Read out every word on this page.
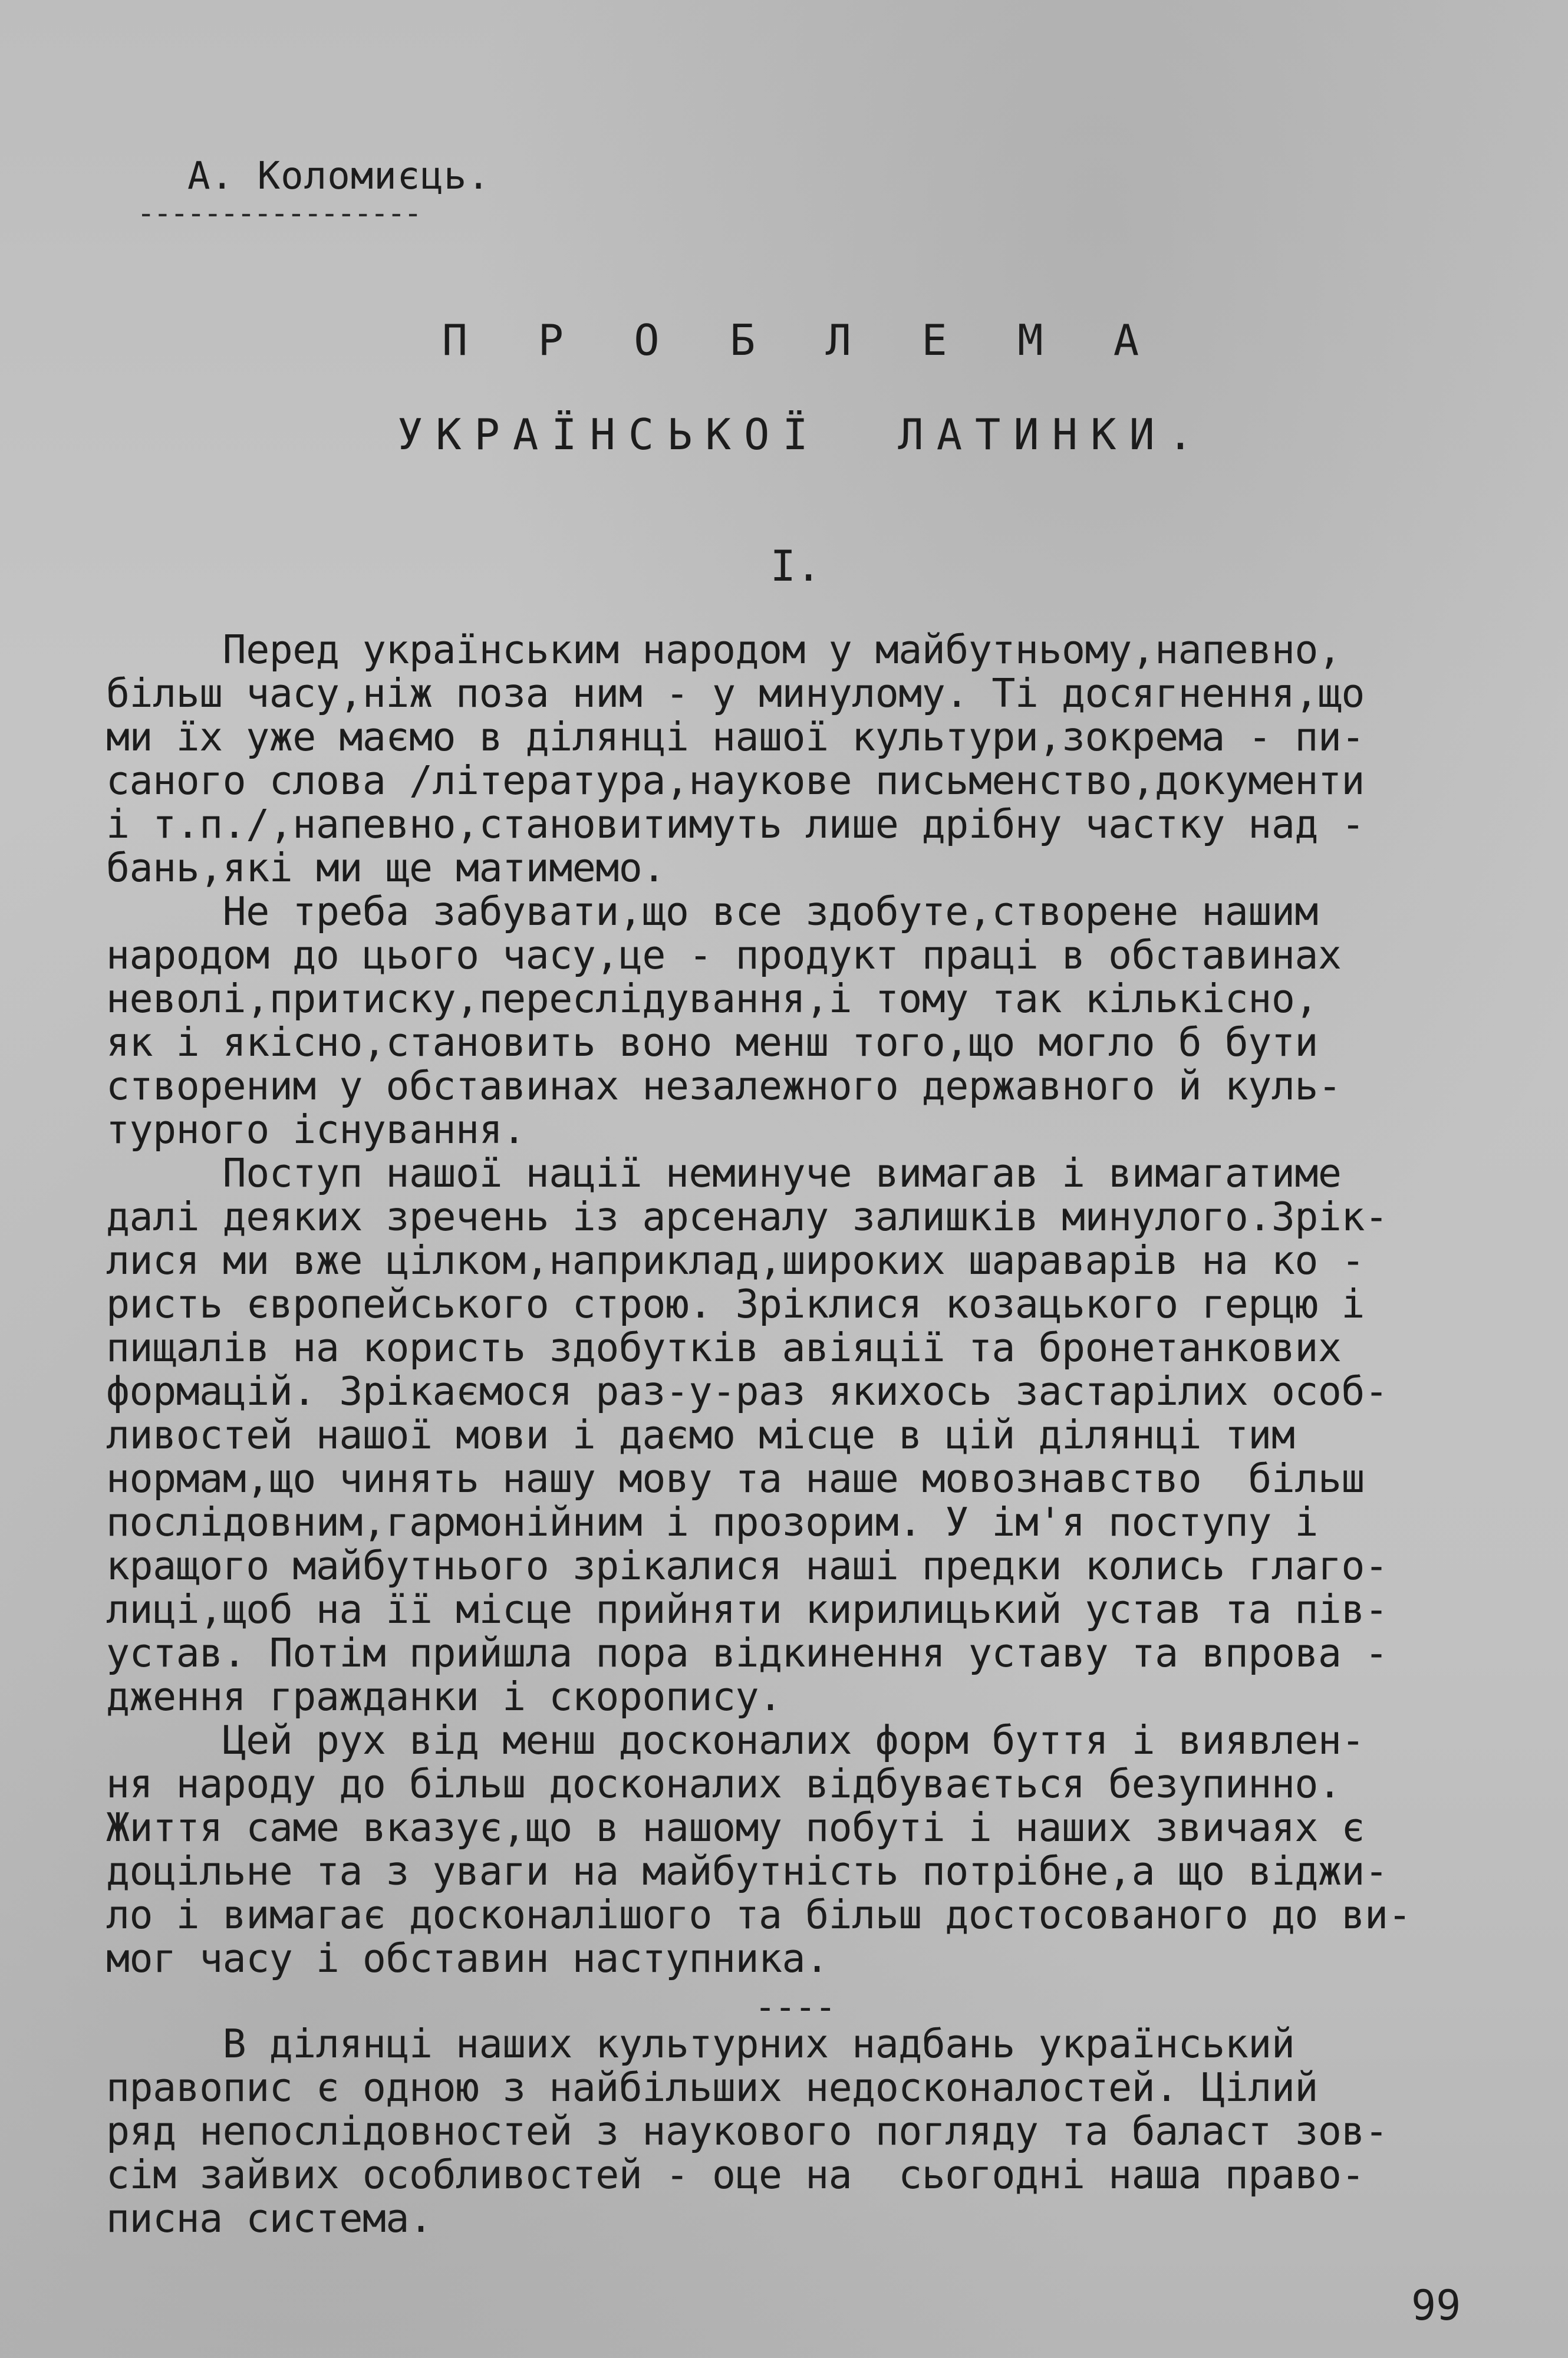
А. Коломиєць.
-----------------
П Р О Б Л Е М А
УКРАЇНСЬКОЇ  ЛАТИНКИ.
I.
Перед українським народом у майбутньому,напевно,
більш часу,ніж поза ним - у минулому. Ті досягнення,що
ми їх уже маємо в ділянці нашої культури,зокрема - пи-
саного слова /література,наукове письменство,документи
і т.п./,напевно,становитимуть лише дрібну частку над -
бань,які ми ще матимемо.
Не треба забувати,що все здобуте,створене нашим
народом до цього часу,це - продукт праці в обставинах
неволі,притиску,переслідування,і тому так кількісно,
як і якісно,становить воно менш того,що могло б бути
створеним у обставинах незалежного державного й куль-
турного існування.
Поступ нашої нації неминуче вимагав і вимагатиме
далі деяких зречень із арсеналу залишків минулого.Зрік-
лися ми вже цілком,наприклад,широких шараварів на ко -
ристь європейського строю. Зріклися козацького герцю і
пищалів на користь здобутків авіяції та бронетанкових
формацій. Зрікаємося раз-у-раз якихось застарілих особ-
ливостей нашої мови і даємо місце в цій ділянці тим
нормам,що чинять нашу мову та наше мовознавство  більш
послідовним,гармонійним і прозорим. У ім'я поступу і
кращого майбутнього зрікалися наші предки колись глаго-
лиці,щоб на її місце прийняти кирилицький устав та пів-
устав. Потім прийшла пора відкинення уставу та впрова -
дження гражданки і скоропису.
Цей рух від менш досконалих форм буття і виявлен-
ня народу до більш досконалих відбувається безупинно.
Життя саме вказує,що в нашому побуті і наших звичаях є
доцільне та з уваги на майбутність потрібне,а що віджи-
ло і вимагає досконалішого та більш достосованого до ви-
мог часу і обставин наступника.
----
В ділянці наших культурних надбань український
правопис є одною з найбільших недосконалостей. Цілий
ряд непослідовностей з наукового погляду та баласт зов-
сім зайвих особливостей - оце на  сьогодні наша право-
писна система.
99
